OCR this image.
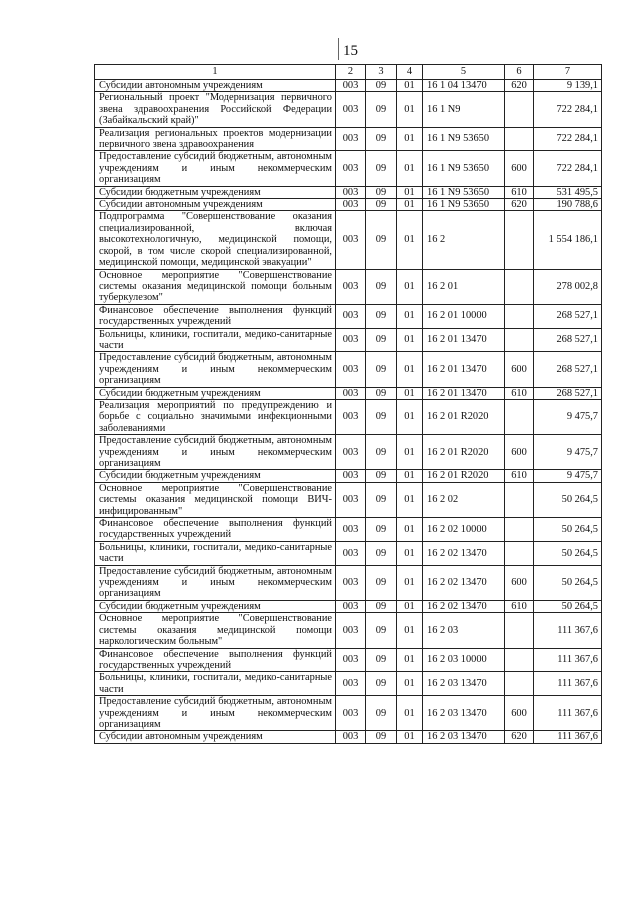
15
1	2	3	4	5	6	7
Субсидии автономным учреждениям	003	09	01	16 1 04 13470	620	9 139,1
Региональный проект "Модернизация первичного звена здравоохранения Российской Федерации (Забайкальский край)"	003	09	01	16 1 N9		722 284,1
Реализация региональных проектов модернизации первичного звена здравоохранения	003	09	01	16 1 N9 53650		722 284,1
Предоставление субсидий бюджетным, автономным учреждениям и иным некоммерческим организациям	003	09	01	16 1 N9 53650	600	722 284,1
Субсидии бюджетным учреждениям	003	09	01	16 1 N9 53650	610	531 495,5
Субсидии автономным учреждениям	003	09	01	16 1 N9 53650	620	190 788,6
Подпрограмма "Совершенствование оказания специализированной, включая высокотехнологичную, медицинской помощи, скорой, в том числе скорой специализированной, медицинской помощи, медицинской эвакуации"	003	09	01	16 2		1 554 186,1
Основное мероприятие "Совершенствование системы оказания медицинской помощи больным туберкулезом"	003	09	01	16 2 01		278 002,8
Финансовое обеспечение выполнения функций государственных учреждений	003	09	01	16 2 01 10000		268 527,1
Больницы, клиники, госпитали, медико-санитарные части	003	09	01	16 2 01 13470		268 527,1
Предоставление субсидий бюджетным, автономным учреждениям и иным некоммерческим организациям	003	09	01	16 2 01 13470	600	268 527,1
Субсидии бюджетным учреждениям	003	09	01	16 2 01 13470	610	268 527,1
Реализация мероприятий по предупреждению и борьбе с социально значимыми инфекционными заболеваниями	003	09	01	16 2 01 R2020		9 475,7
Предоставление субсидий бюджетным, автономным учреждениям и иным некоммерческим организациям	003	09	01	16 2 01 R2020	600	9 475,7
Субсидии бюджетным учреждениям	003	09	01	16 2 01 R2020	610	9 475,7
Основное мероприятие "Совершенствование системы оказания медицинской помощи ВИЧ-инфицированным"	003	09	01	16 2 02		50 264,5
Финансовое обеспечение выполнения функций государственных учреждений	003	09	01	16 2 02 10000		50 264,5
Больницы, клиники, госпитали, медико-санитарные части	003	09	01	16 2 02 13470		50 264,5
Предоставление субсидий бюджетным, автономным учреждениям и иным некоммерческим организациям	003	09	01	16 2 02 13470	600	50 264,5
Субсидии бюджетным учреждениям	003	09	01	16 2 02 13470	610	50 264,5
Основное мероприятие "Совершенствование системы оказания медицинской помощи наркологическим больным"	003	09	01	16 2 03		111 367,6
Финансовое обеспечение выполнения функций государственных учреждений	003	09	01	16 2 03 10000		111 367,6
Больницы, клиники, госпитали, медико-санитарные части	003	09	01	16 2 03 13470		111 367,6
Предоставление субсидий бюджетным, автономным учреждениям и иным некоммерческим организациям	003	09	01	16 2 03 13470	600	111 367,6
Субсидии автономным учреждениям	003	09	01	16 2 03 13470	620	111 367,6
